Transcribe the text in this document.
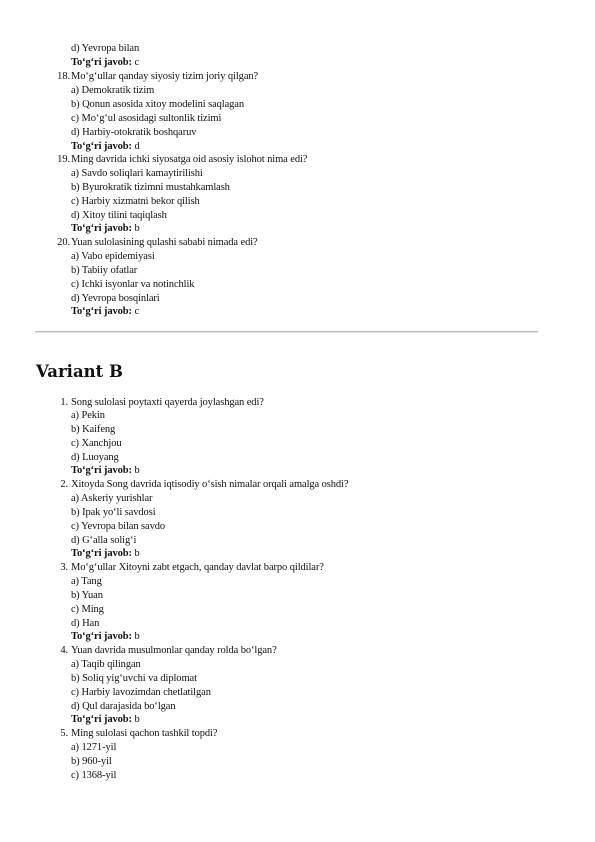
d) Yevropa bilan
To‘g‘ri javob: c
18. Mo‘g‘ullar qanday siyosiy tizim joriy qilgan?
a) Demokratik tizim
b) Qonun asosida xitoy modelini saqlagan
c) Mo‘g‘ul asosidagi sultonlik tizimi
d) Harbiy-otokratik boshqaruv
To‘g‘ri javob: d
19. Ming davrida ichki siyosatga oid asosiy islohot nima edi?
a) Savdo soliqlari kamaytirilishi
b) Byurokratik tizimni mustahkamlash
c) Harbiy xizmatni bekor qilish
d) Xitoy tilini taqiqlash
To‘g‘ri javob: b
20. Yuan sulolasining qulashi sababi nimada edi?
a) Vabo epidemiyasi
b) Tabiiy ofatlar
c) Ichki isyonlar va notinchlik
d) Yevropa bosqinlari
To‘g‘ri javob: c
Variant B
1. Song sulolasi poytaxti qayerda joylashgan edi?
a) Pekin
b) Kaifeng
c) Xanchjou
d) Luoyang
To‘g‘ri javob: b
2. Xitoyda Song davrida iqtisodiy o‘sish nimalar orqali amalga oshdi?
a) Askeriy yurishlar
b) Ipak yo‘li savdosi
c) Yevropa bilan savdo
d) G‘alla solig‘i
To‘g‘ri javob: b
3. Mo‘g‘ullar Xitoyni zabt etgach, qanday davlat barpo qildilar?
a) Tang
b) Yuan
c) Ming
d) Han
To‘g‘ri javob: b
4. Yuan davrida musulmonlar qanday rolda bo‘lgan?
a) Taqib qilingan
b) Soliq yig‘uvchi va diplomat
c) Harbiy lavozimdan chetlatilgan
d) Qul darajasida bo‘lgan
To‘g‘ri javob: b
5. Ming sulolasi qachon tashkil topdi?
a) 1271-yil
b) 960-yil
c) 1368-yil
